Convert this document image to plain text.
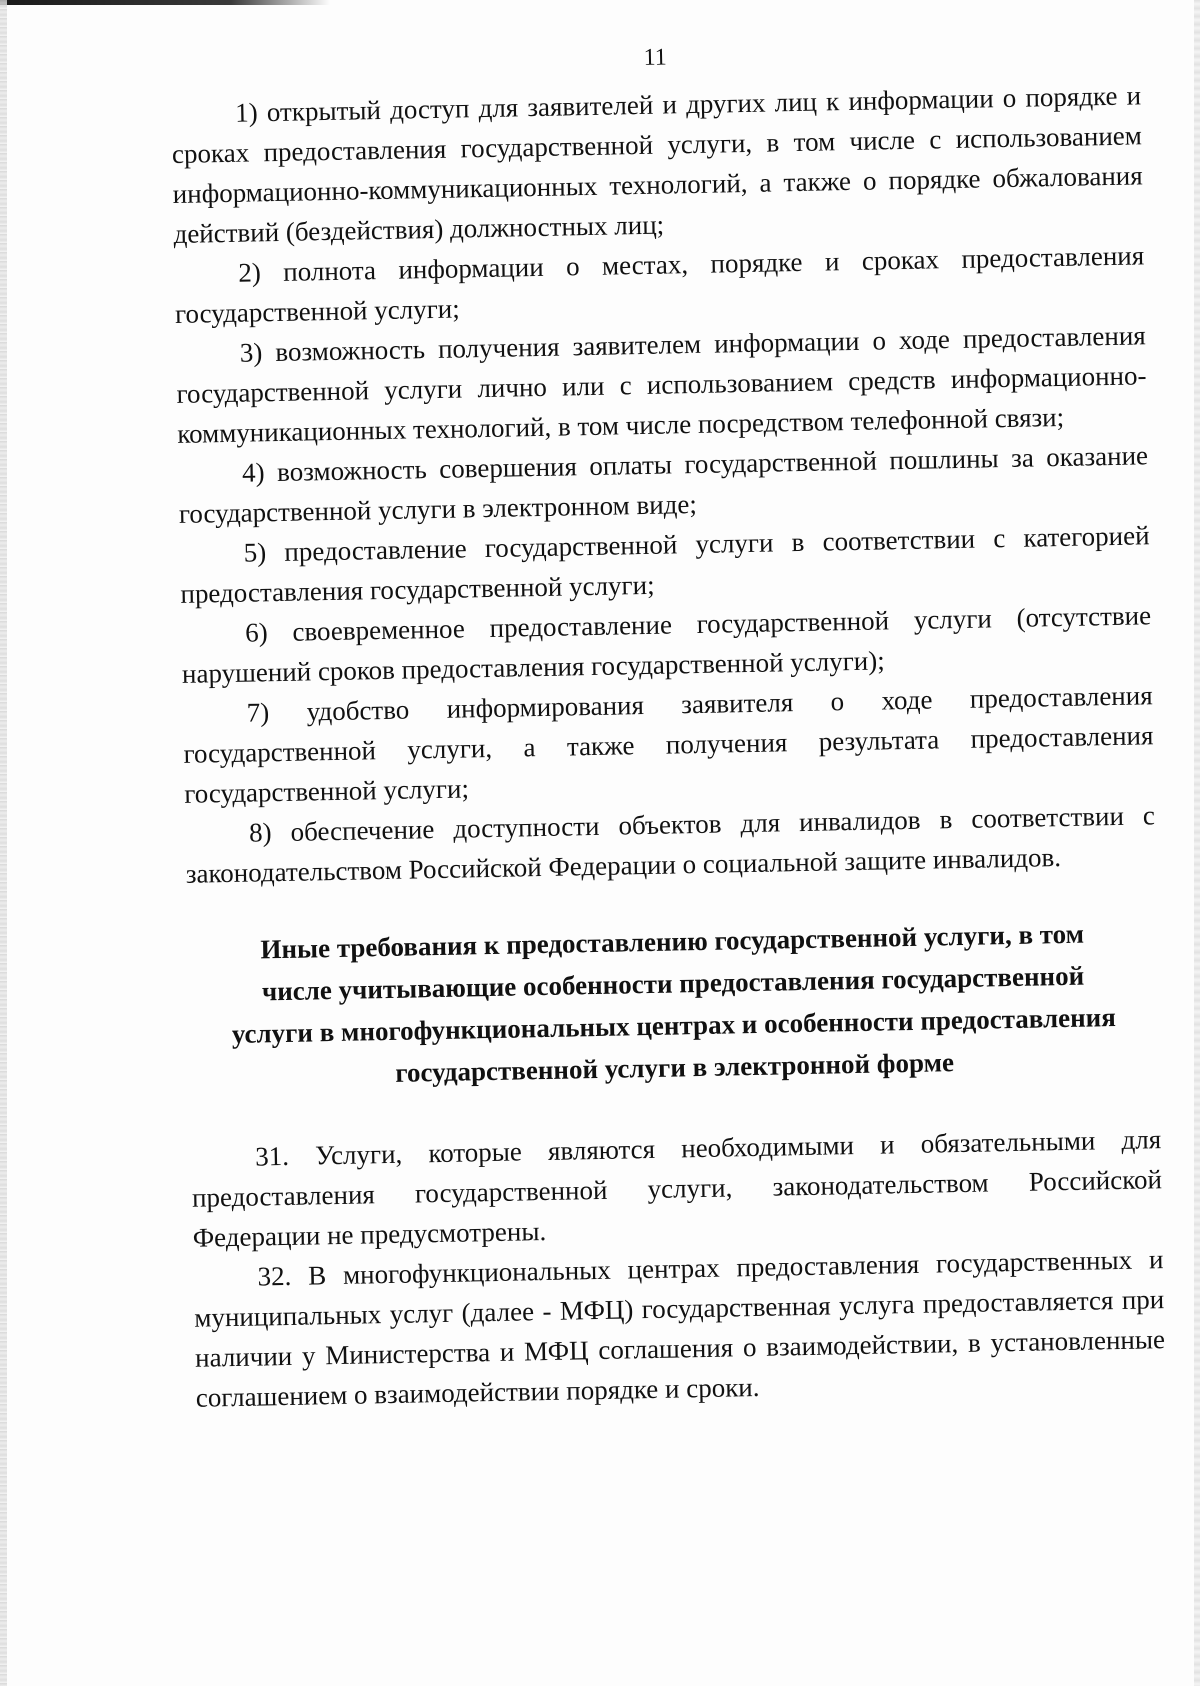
11

1) открытый доступ для заявителей и других лиц к информации о порядке и сроках предоставления государственной услуги, в том числе с использованием информационно-коммуникационных технологий, а также о порядке обжалования действий (бездействия) должностных лиц;

2) полнота информации о местах, порядке и сроках предоставления государственной услуги;

3) возможность получения заявителем информации о ходе предоставления государственной услуги лично или с использованием средств информационно-коммуникационных технологий, в том числе посредством телефонной связи;

4) возможность совершения оплаты государственной пошлины за оказание государственной услуги в электронном виде;

5) предоставление государственной услуги в соответствии с категорией предоставления государственной услуги;

6) своевременное предоставление государственной услуги (отсутствие нарушений сроков предоставления государственной услуги);

7) удобство информирования заявителя о ходе предоставления государственной услуги, а также получения результата предоставления государственной услуги;

8) обеспечение доступности объектов для инвалидов в соответствии с законодательством Российской Федерации о социальной защите инвалидов.

Иные требования к предоставлению государственной услуги, в том числе учитывающие особенности предоставления государственной услуги в многофункциональных центрах и особенности предоставления государственной услуги в электронной форме

31. Услуги, которые являются необходимыми и обязательными для предоставления государственной услуги, законодательством Российской Федерации не предусмотрены.

32. В многофункциональных центрах предоставления государственных и муниципальных услуг (далее - МФЦ) государственная услуга предоставляется при наличии у Министерства и МФЦ соглашения о взаимодействии, в установленные соглашением о взаимодействии порядке и сроки.
